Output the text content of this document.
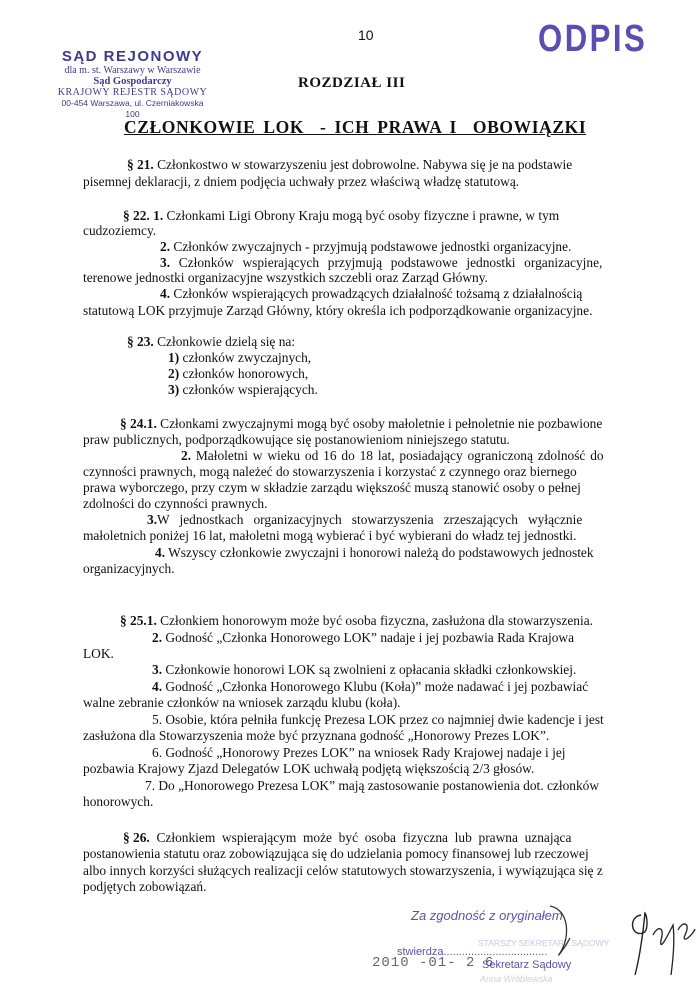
10	ODPIS
SĄD REJONOWY
dla m. st. Warszawy w Warszawie
Sąd Gospodarczy
KRAJOWY REJESTR SĄDOWY
00-454 Warszawa, ul. Czerniakowska 100
ROZDZIAŁ III
CZŁONKOWIE LOK  - ICH PRAWA I  OBOWIĄZKI
§ 21. Członkostwo w stowarzyszeniu jest dobrowolne. Nabywa się je na podstawie
pisemnej deklaracji, z dniem podjęcia uchwały przez właściwą władzę statutową.
§ 22. 1. Członkami Ligi Obrony Kraju mogą być osoby fizyczne i prawne, w tym
cudzoziemcy.
2. Członków zwyczajnych - przyjmują podstawowe jednostki organizacyjne.
3.  Członków  wspierających  przyjmują  podstawowe  jednostki  organizacyjne,
terenowe jednostki organizacyjne wszystkich szczebli oraz Zarząd Główny.
4. Członków wspierających prowadzących działalność tożsamą z działalnością
statutową LOK przyjmuje Zarząd Główny, który określa ich podporządkowanie organizacyjne.
§ 23. Członkowie dzielą się na:
1) członków zwyczajnych,
2) członków honorowych,
3) członków wspierających.
§ 24.1. Członkami zwyczajnymi mogą być osoby małoletnie i pełnoletnie nie pozbawione
praw publicznych, podporządkowujące się postanowieniom niniejszego statutu.
2. Małoletni w wieku od 16 do 18 lat, posiadający ograniczoną zdolność do
czynności prawnych, mogą należeć do stowarzyszenia i korzystać z czynnego oraz biernego
prawa wyborczego, przy czym w składzie zarządu większość muszą stanowić osoby o pełnej
zdolności do czynności prawnych.
3.W   jednostkach   organizacyjnych   stowarzyszenia   zrzeszających   wyłącznie
małoletnich poniżej 16 lat, małoletni mogą wybierać i być wybierani do władz tej jednostki.
4. Wszyscy członkowie zwyczajni i honorowi należą do podstawowych jednostek
organizacyjnych.
§ 25.1. Członkiem honorowym może być osoba fizyczna, zasłużona dla stowarzyszenia.
2. Godność „Członka Honorowego LOK” nadaje i jej pozbawia Rada Krajowa
LOK.
3. Członkowie honorowi LOK są zwolnieni z opłacania składki członkowskiej.
4. Godność „Członka Honorowego Klubu (Koła)” może nadawać i jej pozbawiać
walne zebranie członków na wniosek zarządu klubu (koła).
5. Osobie, która pełniła funkcję Prezesa LOK przez co najmniej dwie kadencje i jest
zasłużona dla Stowarzyszenia może być przyznana godność „Honorowy Prezes LOK”.
6. Godność „Honorowy Prezes LOK” na wniosek Rady Krajowej nadaje i jej
pozbawia Krajowy Zjazd Delegatów LOK uchwałą podjętą większością 2/3 głosów.
7. Do „Honorowego Prezesa LOK” mają zastosowanie postanowienia dot. członków
honorowych.
§ 26.  Członkiem  wspierającym  może  być  osoba  fizyczna  lub  prawna  uznająca
postanowienia statutu oraz zobowiązująca się do udzielania pomocy finansowej lub rzeczowej
albo innych korzyści służących realizacji celów statutowych stowarzyszenia, i wywiązująca się z
podjętych zobowiązań.
Za zgodność z oryginałem
stwierdza..................................
2010 -01- 2 6
STARSZY SEKRETARZ SĄDOWY
Sekretarz Sądowy
Anna Wróblewska
